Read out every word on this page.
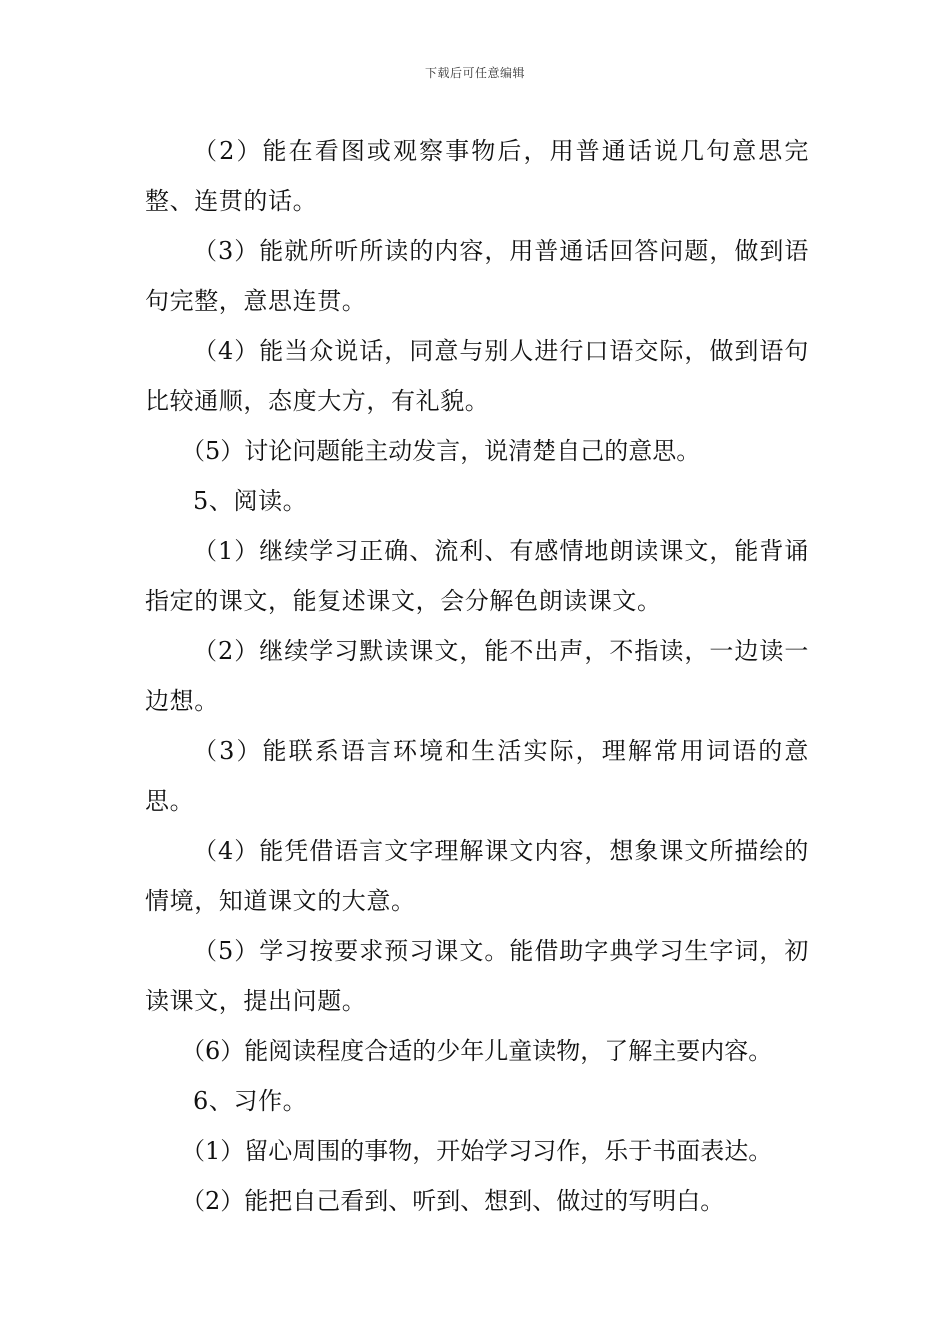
下载后可任意编辑

（2）能在看图或观察事物后，用普通话说几句意思完整、连贯的话。

（3）能就所听所读的内容，用普通话回答问题，做到语句完整，意思连贯。

（4）能当众说话，同意与别人进行口语交际，做到语句比较通顺，态度大方，有礼貌。

（5）讨论问题能主动发言，说清楚自己的意思。

5、阅读。

（1）继续学习正确、流利、有感情地朗读课文，能背诵指定的课文，能复述课文，会分解色朗读课文。

（2）继续学习默读课文，能不出声，不指读，一边读一边想。

（3）能联系语言环境和生活实际，理解常用词语的意思。

（4）能凭借语言文字理解课文内容，想象课文所描绘的情境，知道课文的大意。

（5）学习按要求预习课文。能借助字典学习生字词，初读课文，提出问题。

（6）能阅读程度合适的少年儿童读物，了解主要内容。

6、习作。

（1）留心周围的事物，开始学习习作，乐于书面表达。

（2）能把自己看到、听到、想到、做过的写明白。
